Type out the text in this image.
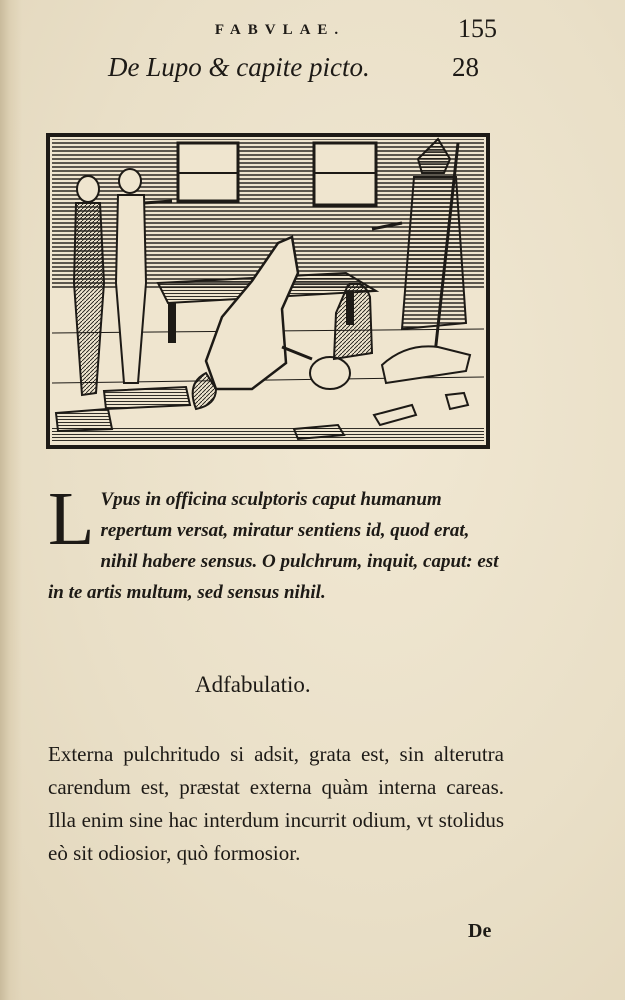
FABVLAE.	155
De Lupo & capite picto.	28

L Vpus in officina sculptoris caput humanum repertum versat, miratur sentiens id, quod erat, nihil habere sensus. O pulchrum, inquit, caput: est in te artis multum, sed sensus nihil.

Adfabulatio.

Externa pulchritudo si adsit, grata est, sin alterutra carendum est, præstat externa quàm interna careas. Illa enim sine hac interdum incurrit odium, vt stolidus eò sit odiosior, quò formosior.

De
